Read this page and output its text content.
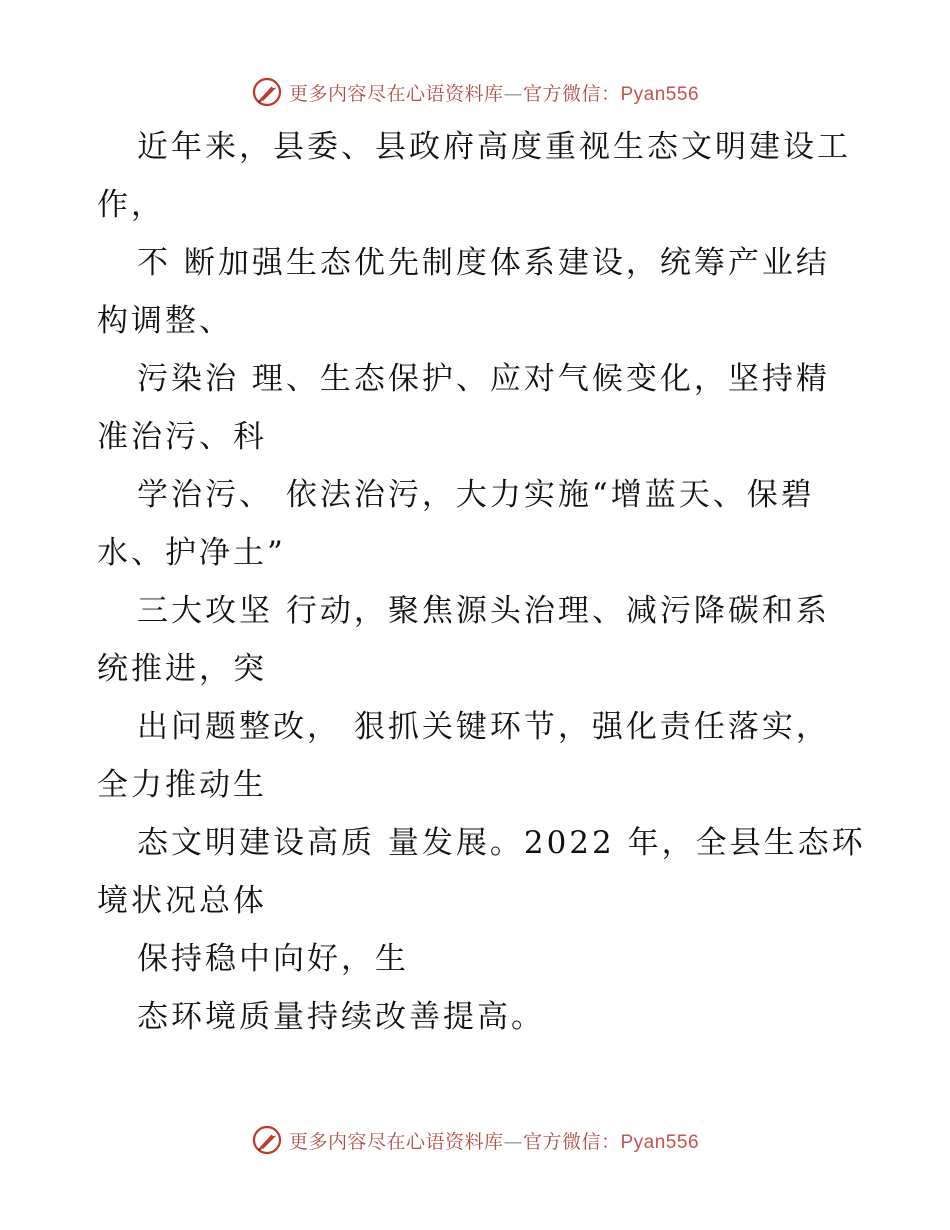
更多内容尽在心语资料库—官方微信：Pyan556

近年来，县委、县政府高度重视生态文明建设工
作，

不 断加强生态优先制度体系建设，统筹产业结
构调整、

污染治 理、生态保护、应对气候变化，坚持精
准治污、科

学治污、 依法治污，大力实施“增蓝天、保碧
水、护净土”

三大攻坚 行动，聚焦源头治理、减污降碳和系
统推进，突

出问题整改， 狠抓关键环节，强化责任落实，
全力推动生

态文明建设高质 量发展。2022 年，全县生态环
境状况总体

保持稳中向好，生

态环境质量持续改善提高。

更多内容尽在心语资料库—官方微信：Pyan556
